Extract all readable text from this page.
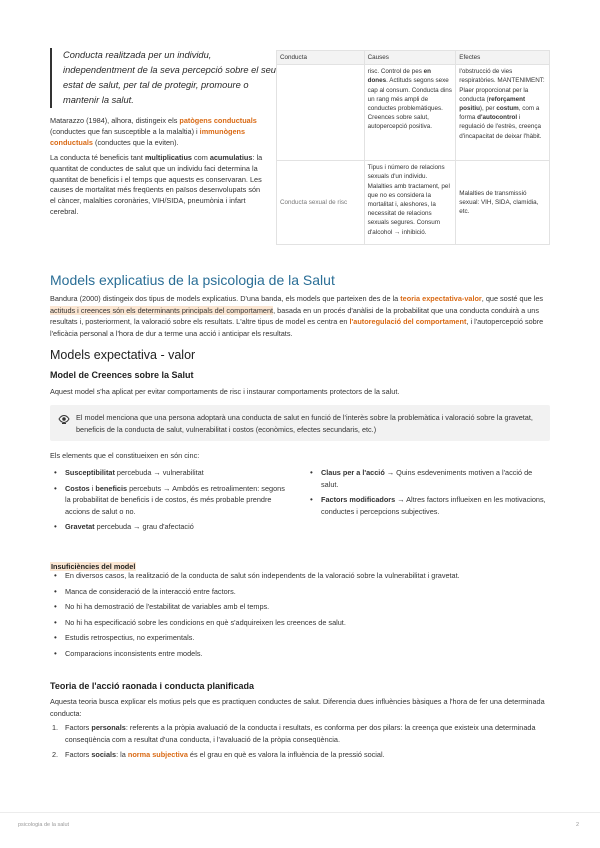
Conducta realitzada per un individu, independentment de la seva percepció sobre el seu estat de salut, per tal de protegir, promoure o mantenir la salut.

Matarazzo (1984), alhora, distingeix els patògens conductuals (conductes que fan susceptible a la malaltia) i immunògens conductuals (conductes que la eviten).
La conducta té beneficis tant multiplicatius com acumulatius: la quantitat de conductes de salut que un individu faci determina la quantitat de beneficis i el temps que aquests es conservaran. Les causes de mortalitat més freqüents en països desenvolupats són el càncer, malalties coronàries, VIH/SIDA, pneumònia i infart cerebral.
Conducta	Causes	Efectes
	risc. Control de pes en dones. Actituds segons sexe cap al consum. Conducta dins un rang més ampli de conductes problemàtiques. Creences sobre salut, autopercepció positiva.	l'obstrucció de vies respiratòries. MANTENIMENT: Plaer proporcionat per la conducta (reforçament positiu), per costum, com a forma d'autocontrol i regulació de l'estrès, creença d'incapacitat de deixar l'hàbit.
Conducta sexual de risc	Tipus i número de relacions sexuals d'un individu. Malalties amb tractament, pel que no es considera la mortalitat i, aleshores, la necessitat de relacions sexuals segures. Consum d'alcohol → inhibició.	Malalties de transmissió sexual: VIH, SIDA, clamídia, etc.
Models explicatius de la psicologia de la Salut
Bandura (2000) distingeix dos tipus de models explicatius. D'una banda, els models que parteixen des de la teoria expectativa-valor, que sosté que les actituds i creences són els determinants principals del comportament, basada en un procés d'anàlisi de la probabilitat que una conducta conduirà a uns resultats i, posteriorment, la valoració sobre els resultats. L'altre tipus de model es centra en l'autoregulació del comportament, i l'autopercepció sobre l'eficàcia personal a l'hora de dur a terme una acció i anticipar els resultats.
Models expectativa - valor
Model de Creences sobre la Salut
Aquest model s'ha aplicat per evitar comportaments de risc i instaurar comportaments protectors de la salut.
El model menciona que una persona adoptarà una conducta de salut en funció de l'interès sobre la problemàtica i valoració sobre la gravetat, beneficis de la conducta de salut, vulnerabilitat i costos (econòmics, efectes secundaris, etc.)
Els elements que el constitueixen en són cinc:
• Susceptibilitat percebuda → vulnerabilitat
• Costos i beneficis percebuts → Ambdós es retroalimenten: segons la probabilitat de beneficis i de costos, és més probable prendre accions de salut o no.
• Gravetat percebuda → grau d'afectació
• Claus per a l'acció → Quins esdeveniments motiven a l'acció de salut.
• Factors modificadors → Altres factors influeixen en les motivacions, conductes i percepcions subjectives.
Insuficiències del model
• En diversos casos, la realització de la conducta de salut són independents de la valoració sobre la vulnerabilitat i gravetat.
• Manca de consideració de la interacció entre factors.
• No hi ha demostració de l'estabilitat de variables amb el temps.
• No hi ha especificació sobre les condicions en què s'adquireixen les creences de salut.
• Estudis retrospectius, no experimentals.
• Comparacions inconsistents entre models.
Teoria de l'acció raonada i conducta planificada
Aquesta teoria busca explicar els motius pels que es practiquen conductes de salut. Diferencia dues influències bàsiques a l'hora de fer una determinada conducta:
1. Factors personals: referents a la pròpia avaluació de la conducta i resultats, es conforma per dos pilars: la creença que existeix una determinada conseqüència com a resultat d'una conducta, i l'avaluació de la pròpia conseqüència.
2. Factors socials: la norma subjectiva és el grau en què es valora la influència de la pressió social.
psicologia de la salut	2
